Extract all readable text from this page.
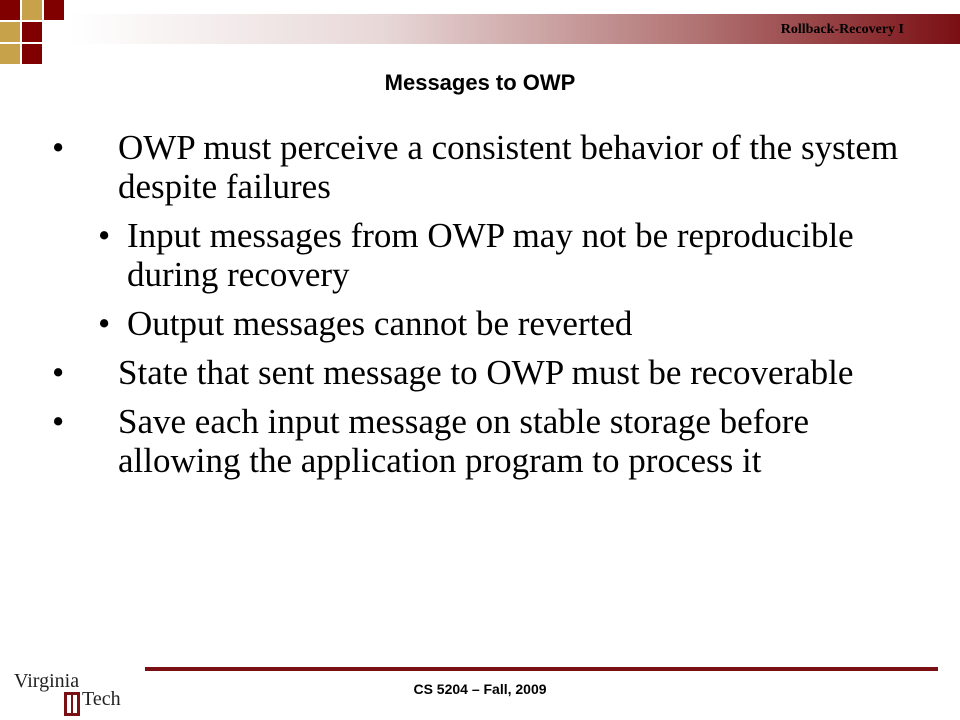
Rollback-Recovery I
Messages to OWP
• OWP must perceive a consistent behavior of the system despite failures
• Input messages from OWP may not be reproducible during recovery
• Output messages cannot be reverted
• State that sent message to OWP must be recoverable
• Save each input message on stable storage before allowing the application program to process it
CS 5204 – Fall, 2009
Virginia
Tech
